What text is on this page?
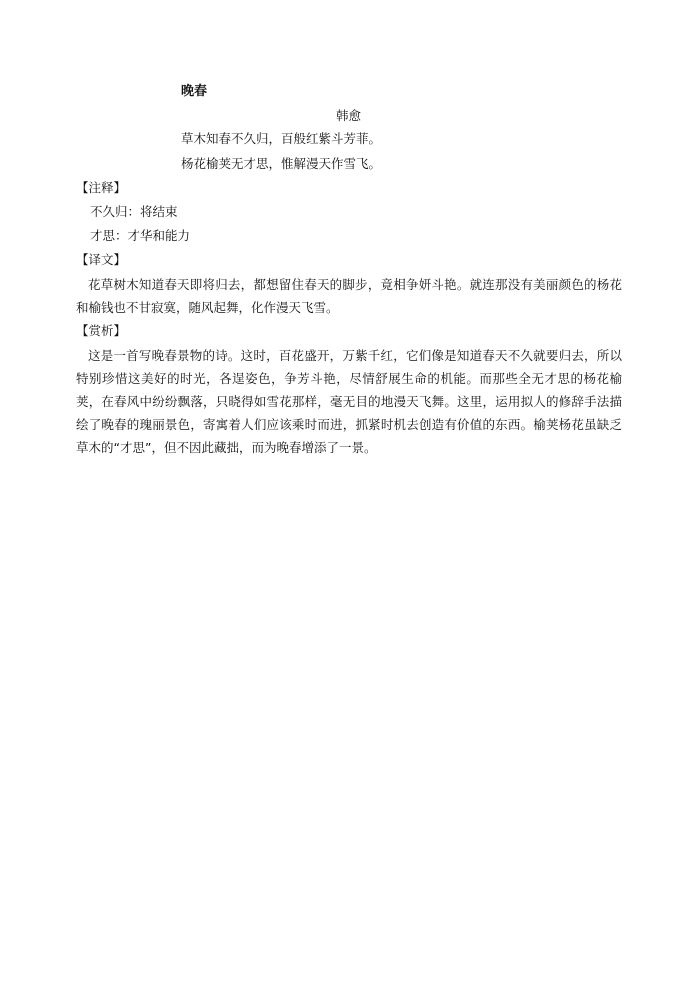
晚春
韩愈
草木知春不久归，百般红紫斗芳菲。
杨花榆荚无才思，惟解漫天作雪飞。
【注释】
不久归：将结束
才思：才华和能力
【译文】
花草树木知道春天即将归去，都想留住春天的脚步，竟相争妍斗艳。就连那没有美丽颜色的杨花和榆钱也不甘寂寞，随风起舞，化作漫天飞雪。
【赏析】
这是一首写晚春景物的诗。这时，百花盛开，万紫千红，它们像是知道春天不久就要归去，所以特别珍惜这美好的时光，各逞姿色，争芳斗艳，尽情舒展生命的机能。而那些全无才思的杨花榆荚，在春风中纷纷飘落，只晓得如雪花那样，毫无目的地漫天飞舞。这里，运用拟人的修辞手法描绘了晚春的瑰丽景色，寄寓着人们应该乘时而进，抓紧时机去创造有价值的东西。榆荚杨花虽缺乏草木的“才思”，但不因此藏拙，而为晚春增添了一景。
